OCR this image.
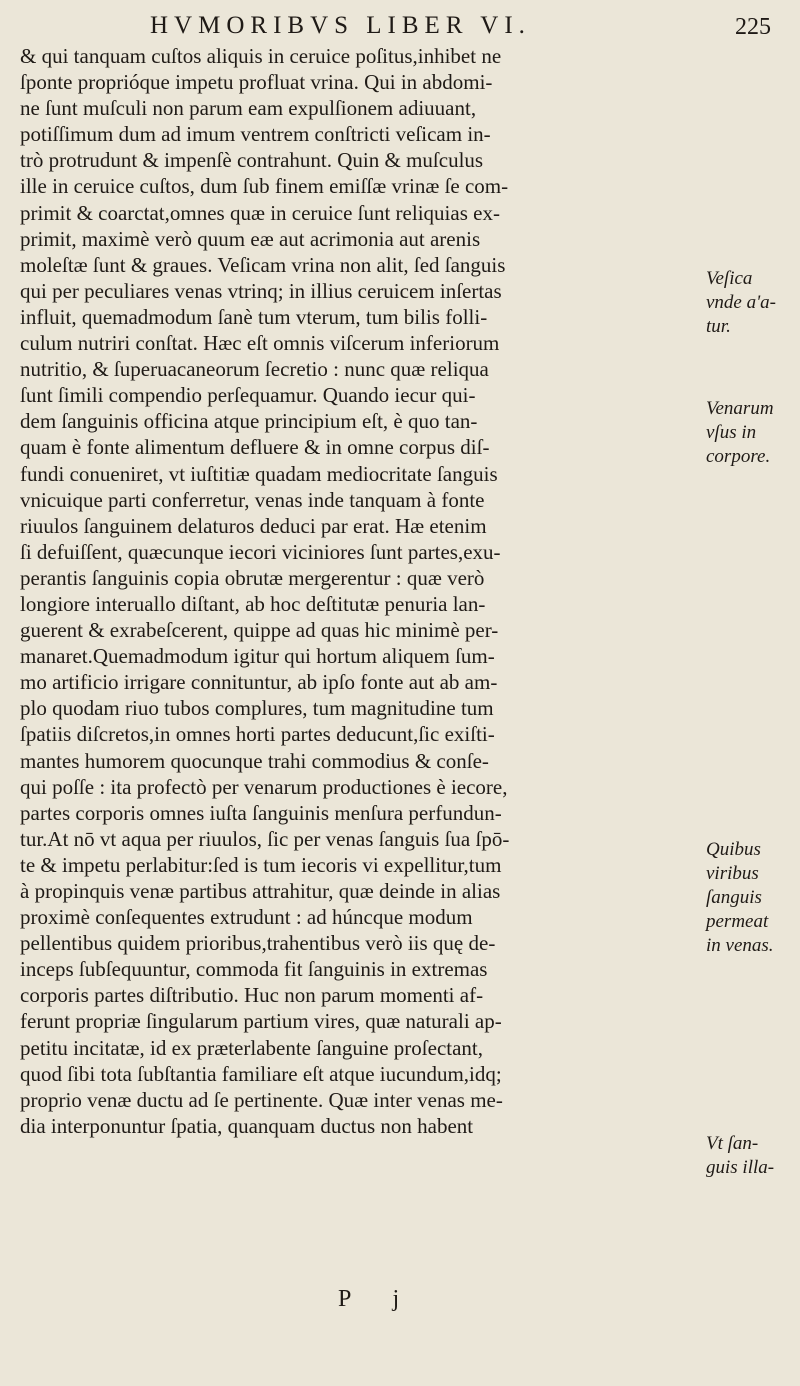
HVMORIBVS LIBER VI.	225
& qui tanquam cuſtos aliquis in ceruice poſitus,inhibet ne
ſponte proprióque impetu profluat vrina. Qui in abdomi-
ne ſunt muſculi non parum eam expulſionem adiuuant,
potiſſimum dum ad imum ventrem conſtricti veſicam in-
trò protrudunt & impenſè contrahunt. Quin & muſculus
ille in ceruice cuſtos, dum ſub finem emiſſæ vrinæ ſe com-
primit & coarctat,omnes quæ in ceruice ſunt reliquias ex-
primit, maximè verò quum eæ aut acrimonia aut arenis
moleſtæ ſunt & graues. Veſicam vrina non alit, ſed ſanguis
qui per peculiares venas vtrinq; in illius ceruicem inſertas
influit, quemadmodum ſanè tum vterum, tum bilis folli-
culum nutriri conſtat. Hæc eſt omnis viſcerum inferiorum
nutritio, & ſuperuacaneorum ſecretio : nunc quæ reliqua
ſunt ſimili compendio perſequamur. Quando iecur qui-
dem ſanguinis officina atque principium eſt, è quo tan-
quam è fonte alimentum defluere & in omne corpus diſ-
fundi conueniret, vt iuſtitiæ quadam mediocritate ſanguis
vnicuique parti conferretur, venas inde tanquam à fonte
riuulos ſanguinem delaturos deduci par erat. Hæ etenim
ſi defuiſſent, quæcunque iecori viciniores ſunt partes,exu-
perantis ſanguinis copia obrutæ mergerentur : quæ verò
longiore interuallo diſtant, ab hoc deſtitutæ penuria lan-
guerent & exrabeſcerent, quippe ad quas hic minimè per-
manaret.Quemadmodum igitur qui hortum aliquem ſum-
mo artificio irrigare connituntur, ab ipſo fonte aut ab am-
plo quodam riuo tubos complures, tum magnitudine tum
ſpatiis diſcretos,in omnes horti partes deducunt,ſic exiſti-
mantes humorem quocunque trahi commodius & conſe-
qui poſſe : ita profectò per venarum productiones è iecore,
partes corporis omnes iuſta ſanguinis menſura perfundun-
tur.At nō vt aqua per riuulos, ſic per venas ſanguis ſua ſpō-
te & impetu perlabitur:ſed is tum iecoris vi expellitur,tum
à propinquis venæ partibus attrahitur, quæ deinde in alias
proximè conſequentes extrudunt : ad húncque modum
pellentibus quidem prioribus,trahentibus verò iis quę de-
inceps ſubſequuntur, commoda fit ſanguinis in extremas
corporis partes diſtributio. Huc non parum momenti af-
ferunt propriæ ſingularum partium vires, quæ naturali ap-
petitu incitatæ, id ex præterlabente ſanguine proſectant,
quod ſibi tota ſubſtantia familiare eſt atque iucundum,idq;
proprio venæ ductu ad ſe pertinente. Quæ inter venas me-
dia interponuntur ſpatia, quanquam ductus non habent
Veſica
vnde a'a-
tur.
Venarum
vſus in
corpore.
Quibus
viribus
ſanguis
permeat
in venas.
Vt ſan-
guis illa-
P j
